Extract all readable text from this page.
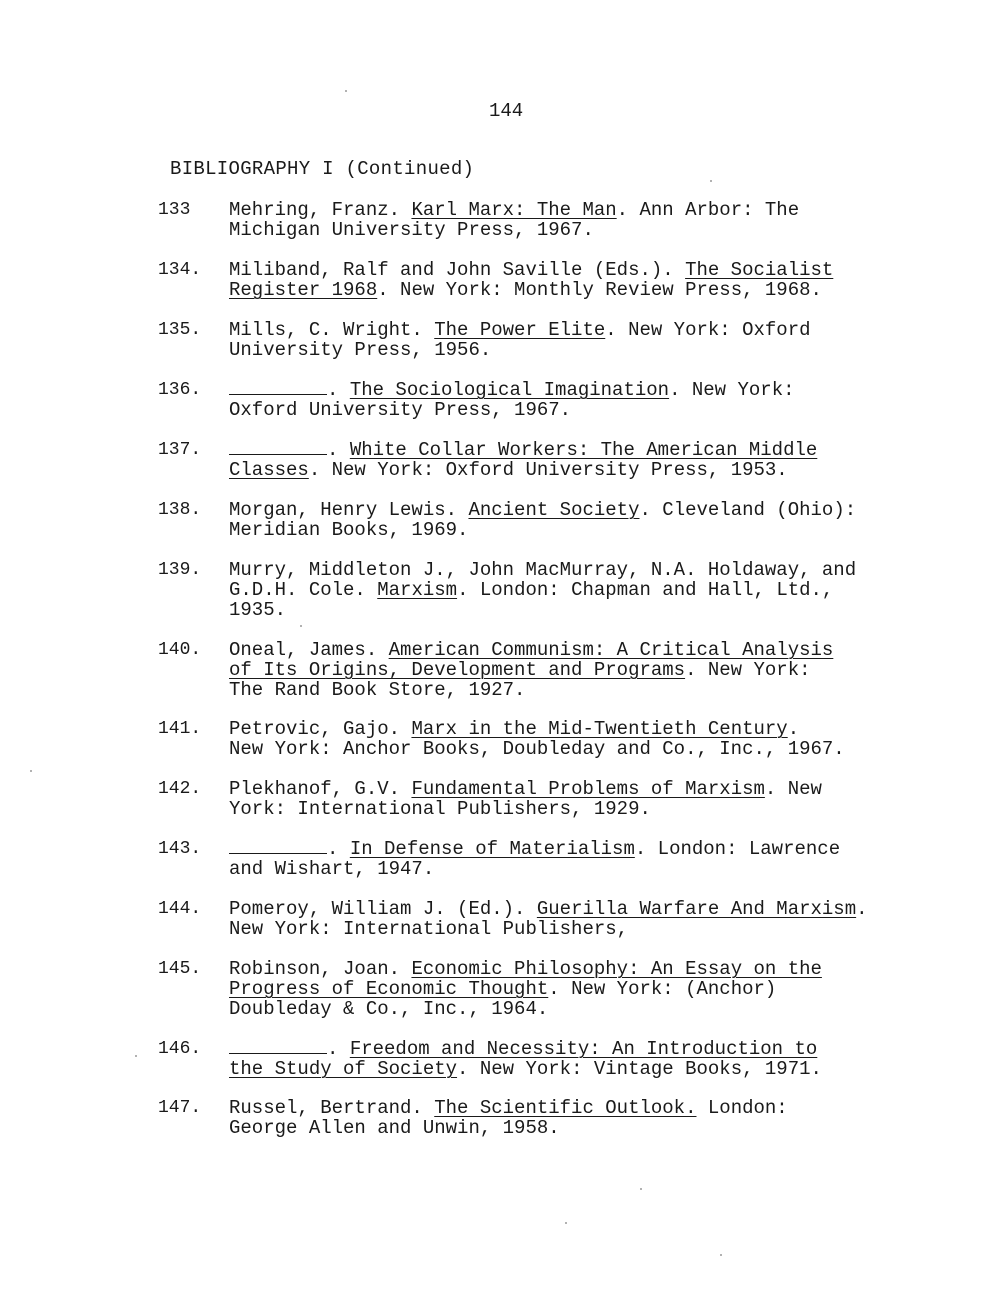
144
BIBLIOGRAPHY I (Continued)
133 Mehring, Franz. Karl Marx: The Man. Ann Arbor: The
Michigan University Press, 1967.
134. Miliband, Ralf and John Saville (Eds.). The Socialist
Register 1968. New York: Monthly Review Press, 1968.
135. Mills, C. Wright. The Power Elite. New York: Oxford
University Press, 1956.
136.	. The Sociological Imagination. New York:
Oxford University Press, 1967.
137.	. White Collar Workers: The American Middle
Classes. New York: Oxford University Press, 1953.
138. Morgan, Henry Lewis. Ancient Society. Cleveland (Ohio):
Meridian Books, 1969.
139. Murry, Middleton J., John MacMurray, N.A. Holdaway, and
G.D.H. Cole. Marxism. London: Chapman and Hall, Ltd.,
1935.
140. Oneal, James. American Communism: A Critical Analysis
of Its Origins, Development and Programs. New York:
The Rand Book Store, 1927.
141. Petrovic, Gajo. Marx in the Mid-Twentieth Century.
New York: Anchor Books, Doubleday and Co., Inc., 1967.
142. Plekhanof, G.V. Fundamental Problems of Marxism. New
York: International Publishers, 1929.
143.	. In Defense of Materialism. London: Lawrence
and Wishart, 1947.
144. Pomeroy, William J. (Ed.). Guerilla Warfare And Marxism.
New York: International Publishers,
145. Robinson, Joan. Economic Philosophy: An Essay on the
Progress of Economic Thought. New York: (Anchor)
Doubleday & Co., Inc., 1964.
146.	. Freedom and Necessity: An Introduction to
the Study of Society. New York: Vintage Books, 1971.
147. Russel, Bertrand. The Scientific Outlook. London:
George Allen and Unwin, 1958.
